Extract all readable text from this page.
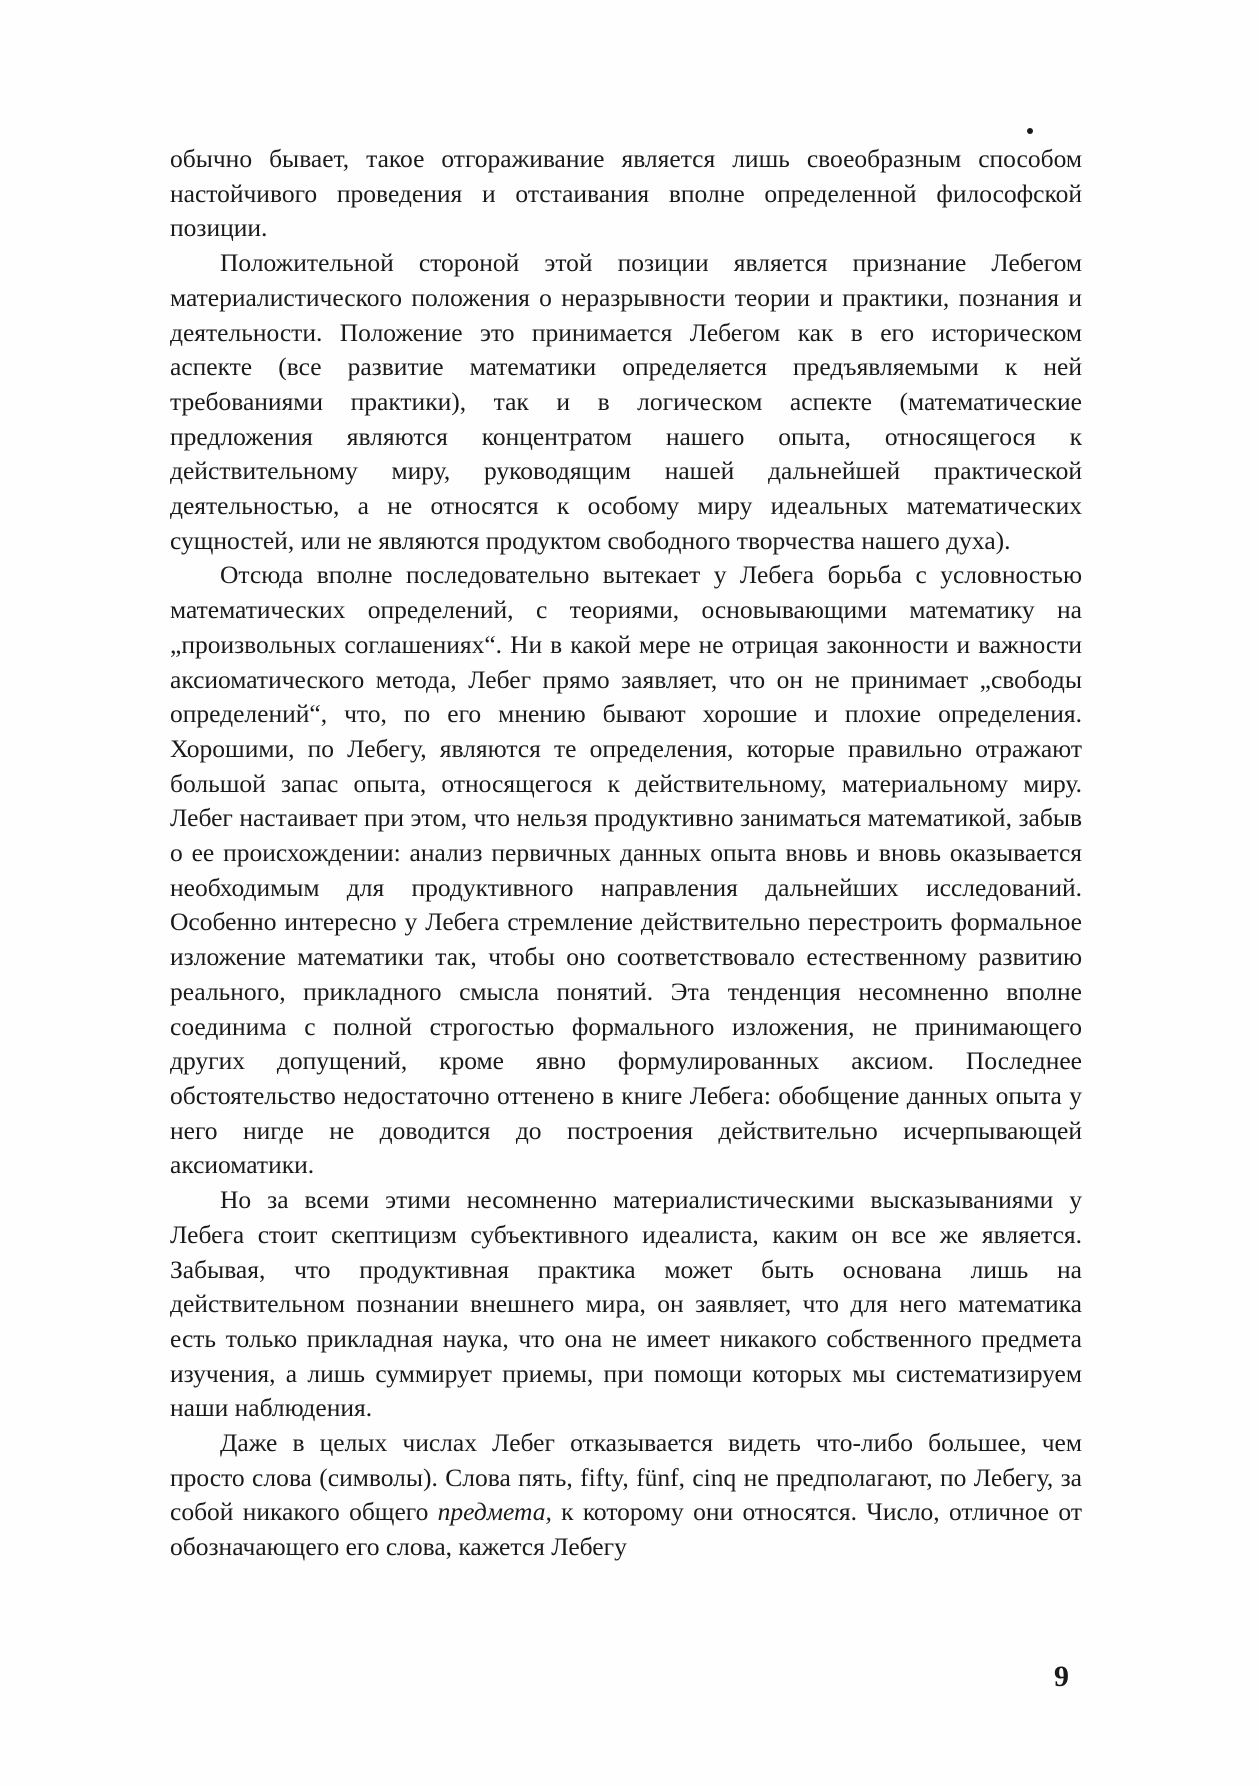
обычно бывает, такое отгораживание является лишь своеобразным способом настойчивого проведения и отстаивания вполне определенной философской позиции.

Положительной стороной этой позиции является признание Лебегом материалистического положения о неразрывности теории и практики, познания и деятельности. Положение это принимается Лебегом как в его историческом аспекте (все развитие математики определяется предъявляемыми к ней требованиями практики), так и в логическом аспекте (математические предложения являются концентратом нашего опыта, относящегося к действительному миру, руководящим нашей дальнейшей практической деятельностью, а не относятся к особому миру идеальных математических сущностей, или не являются продуктом свободного творчества нашего духа).

Отсюда вполне последовательно вытекает у Лебега борьба с условностью математических определений, с теориями, основывающими математику на „произвольных соглашениях“. Ни в какой мере не отрицая законности и важности аксиоматического метода, Лебег прямо заявляет, что он не принимает „свободы определений“, что, по его мнению бывают хорошие и плохие определения. Хорошими, по Лебегу, являются те определения, которые правильно отражают большой запас опыта, относящегося к действительному, материальному миру. Лебег настаивает при этом, что нельзя продуктивно заниматься математикой, забыв о ее происхождении: анализ первичных данных опыта вновь и вновь оказывается необходимым для продуктивного направления дальнейших исследований. Особенно интересно у Лебега стремление действительно перестроить формальное изложение математики так, чтобы оно соответствовало естественному развитию реального, прикладного смысла понятий. Эта тенденция несомненно вполне соединима с полной строгостью формального изложения, не принимающего других допущений, кроме явно формулированных аксиом. Последнее обстоятельство недостаточно оттенено в книге Лебега: обобщение данных опыта у него нигде не доводится до построения действительно исчерпывающей аксиоматики.

Но за всеми этими несомненно материалистическими высказываниями у Лебега стоит скептицизм субъективного идеалиста, каким он все же является. Забывая, что продуктивная практика может быть основана лишь на действительном познании внешнего мира, он заявляет, что для него математика есть только прикладная наука, что она не имеет никакого собственного предмета изучения, а лишь суммирует приемы, при помощи которых мы систематизируем наши наблюдения.

Даже в целых числах Лебег отказывается видеть что-либо большее, чем просто слова (символы). Слова пять, fifty, fünf, cinq не предполагают, по Лебегу, за собой никакого общего предмета, к которому они относятся. Число, отличное от обозначающего его слова, кажется Лебегу

9
